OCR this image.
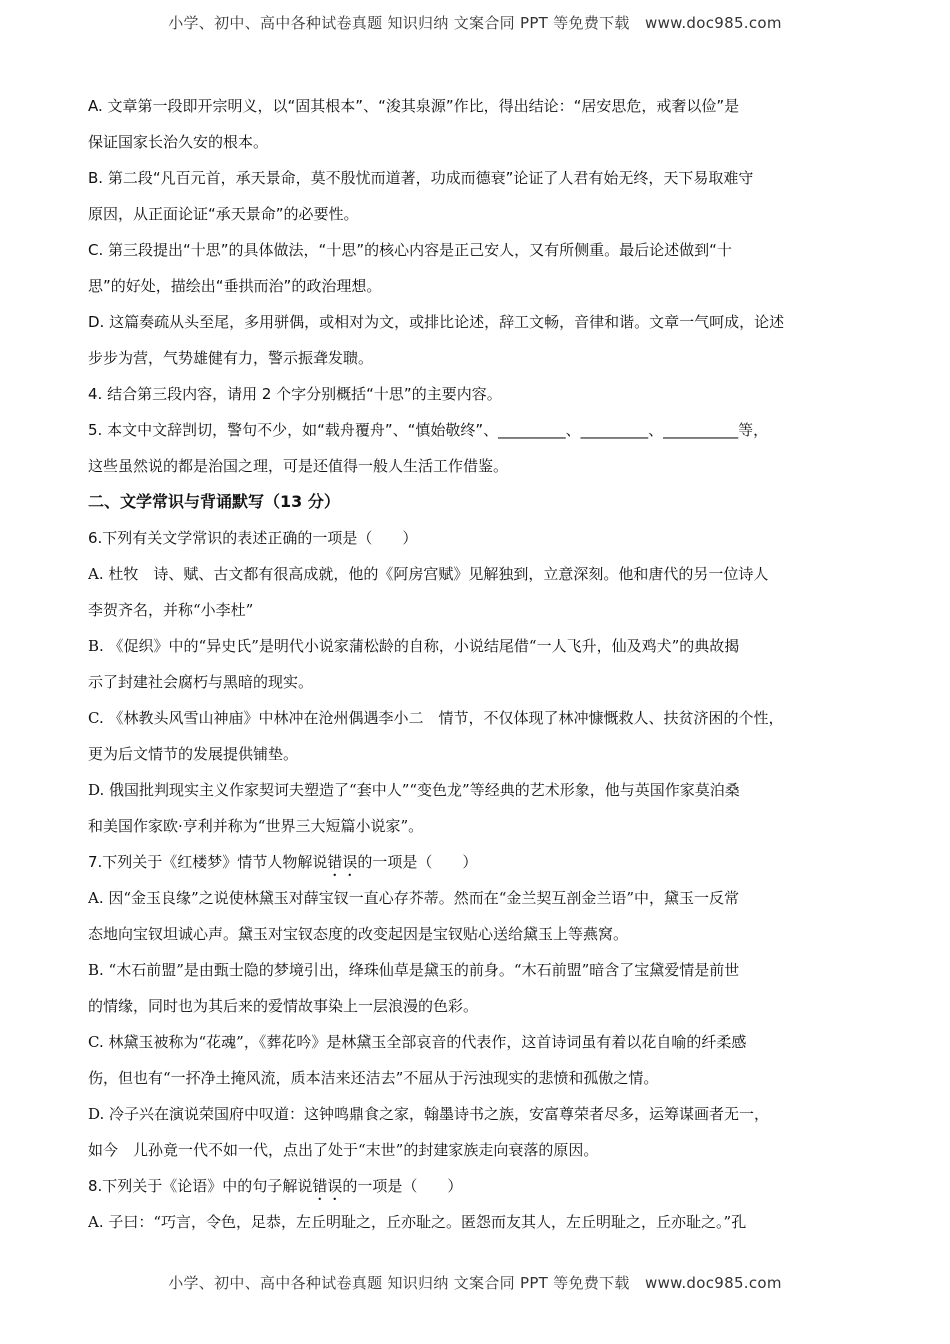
小学、初中、高中各种试卷真题 知识归纳 文案合同 PPT 等免费下载　www.doc985.com
A. 文章第一段即开宗明义，以“固其根本”、“浚其泉源”作比，得出结论：“居安思危，戒奢以俭”是
保证国家长治久安的根本。
B. 第二段“凡百元首，承天景命，莫不殷忧而道著，功成而德衰”论证了人君有始无终，天下易取难守
原因，从正面论证“承天景命”的必要性。
C. 第三段提出“十思”的具体做法，“十思”的核心内容是正己安人，又有所侧重。最后论述做到“十
思”的好处，描绘出“垂拱而治”的政治理想。
D. 这篇奏疏从头至尾，多用骈偶，或相对为文，或排比论述，辞工文畅，音律和谐。文章一气呵成，论述
步步为营，气势雄健有力，警示振聋发聩。
4. 结合第三段内容，请用 2 个字分别概括“十思”的主要内容。
5. 本文中文辞剀切，警句不少，如“载舟覆舟”、“慎始敬终”、_________、_________、__________等，
这些虽然说的都是治国之理，可是还值得一般人生活工作借鉴。
二、文学常识与背诵默写（13 分）
6.下列有关文学常识的表述正确的一项是（　　）
A. 杜牧　诗、赋、古文都有很高成就，他的《阿房宫赋》见解独到，立意深刻。他和唐代的另一位诗人
李贺齐名，并称“小李杜”
B. 《促织》中的“异史氏”是明代小说家蒲松龄的自称，小说结尾借“一人飞升，仙及鸡犬”的典故揭
示了封建社会腐朽与黑暗的现实。
C. 《林教头风雪山神庙》中林冲在沧州偶遇李小二　情节，不仅体现了林冲慷慨救人、扶贫济困的个性，
更为后文情节的发展提供铺垫。
D. 俄国批判现实主义作家契诃夫塑造了“套中人”“变色龙”等经典的艺术形象，他与英国作家莫泊桑
和美国作家欧·亨利并称为“世界三大短篇小说家”。
7.下列关于《红楼梦》情节人物解说错误的一项是（　　）
A. 因“金玉良缘”之说使林黛玉对薛宝钗一直心存芥蒂。然而在“金兰契互剖金兰语”中，黛玉一反常
态地向宝钗坦诚心声。黛玉对宝钗态度的改变起因是宝钗贴心送给黛玉上等燕窝。
B. “木石前盟”是由甄士隐的梦境引出，绛珠仙草是黛玉的前身。“木石前盟”暗含了宝黛爱情是前世
的情缘，同时也为其后来的爱情故事染上一层浪漫的色彩。
C. 林黛玉被称为“花魂”，《葬花吟》是林黛玉全部哀音的代表作，这首诗词虽有着以花自喻的纤柔感
伤，但也有“一抔净土掩风流，质本洁来还洁去”不屈从于污浊现实的悲愤和孤傲之情。
D. 冷子兴在演说荣国府中叹道：这钟鸣鼎食之家，翰墨诗书之族，安富尊荣者尽多，运筹谋画者无一，
如今　儿孙竟一代不如一代，点出了处于“末世”的封建家族走向衰落的原因。
8.下列关于《论语》中的句子解说错误的一项是（　　）
A. 子曰：“巧言，令色，足恭，左丘明耻之，丘亦耻之。匿怨而友其人，左丘明耻之，丘亦耻之。”孔
小学、初中、高中各种试卷真题 知识归纳 文案合同 PPT 等免费下载　www.doc985.com
